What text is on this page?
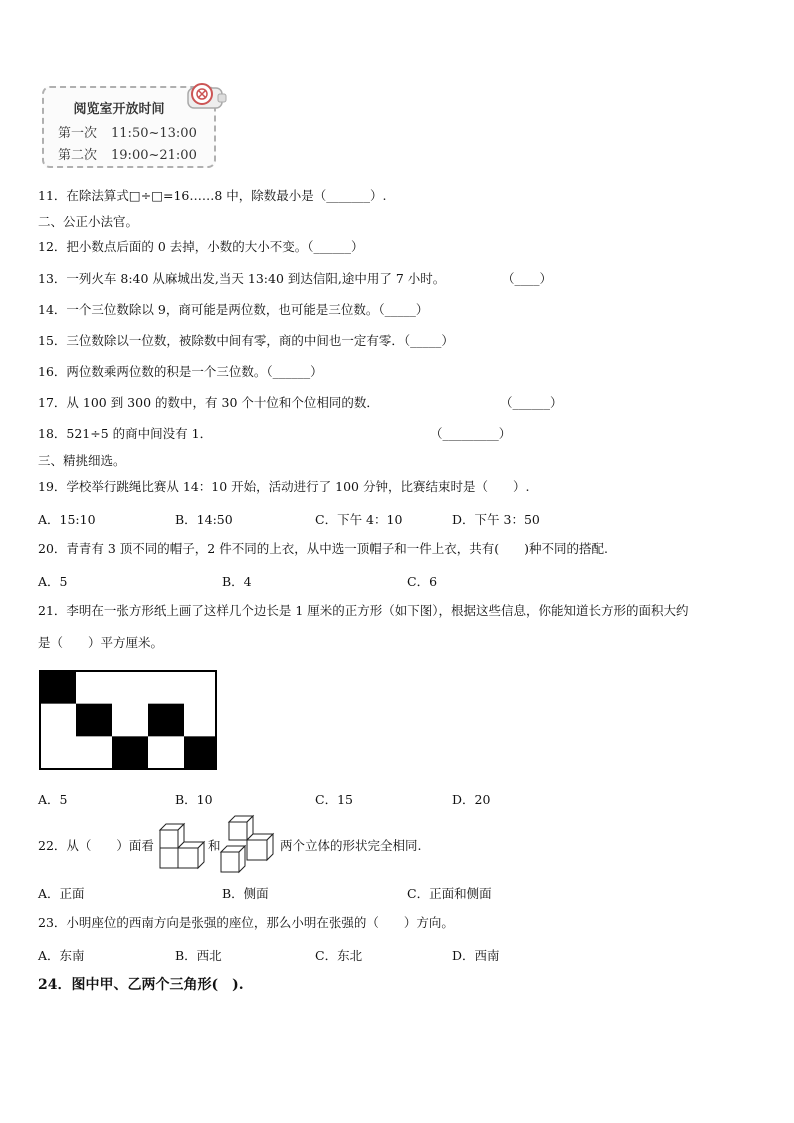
阅览室开放时间
第一次 11:50~13:00
第二次 19:00~21:00
11．在除法算式□÷□=16……8 中，除数最小是（_______）.
二、公正小法官。
12．把小数点后面的 0 去掉，小数的大小不变。（______）
13．一列火车 8:40 从麻城出发,当天 13:40 到达信阳,途中用了 7 小时。	（____）
14．一个三位数除以 9，商可能是两位数，也可能是三位数。（_____）
15．三位数除以一位数，被除数中间有零，商的中间也一定有零．（_____）
16．两位数乘两位数的积是一个三位数。（______）
17．从 100 到 300 的数中，有 30 个十位和个位相同的数．	（______）
18．521÷5 的商中间没有 1．	（_________）
三、精挑细选。
19．学校举行跳绳比赛从 14：10 开始，活动进行了 100 分钟，比赛结束时是（　　）.
A．15:10	B．14:50	C．下午 4：10	D．下午 3：50
20．青青有 3 顶不同的帽子，2 件不同的上衣，从中选一顶帽子和一件上衣，共有(　　)种不同的搭配.
A．5	B．4	C．6
21．李明在一张方形纸上画了这样几个边长是 1 厘米的正方形（如下图），根据这些信息，你能知道长方形的面积大约
是（　　）平方厘米。
A．5	B．10	C．15	D．20
22．从（　　）面看	和	两个立体的形状完全相同.
A．正面	B．侧面	C．正面和侧面
23．小明座位的西南方向是张强的座位，那么小明在张强的（　　）方向。
A．东南	B．西北	C．东北	D．西南
24．图中甲、乙两个三角形(　).
